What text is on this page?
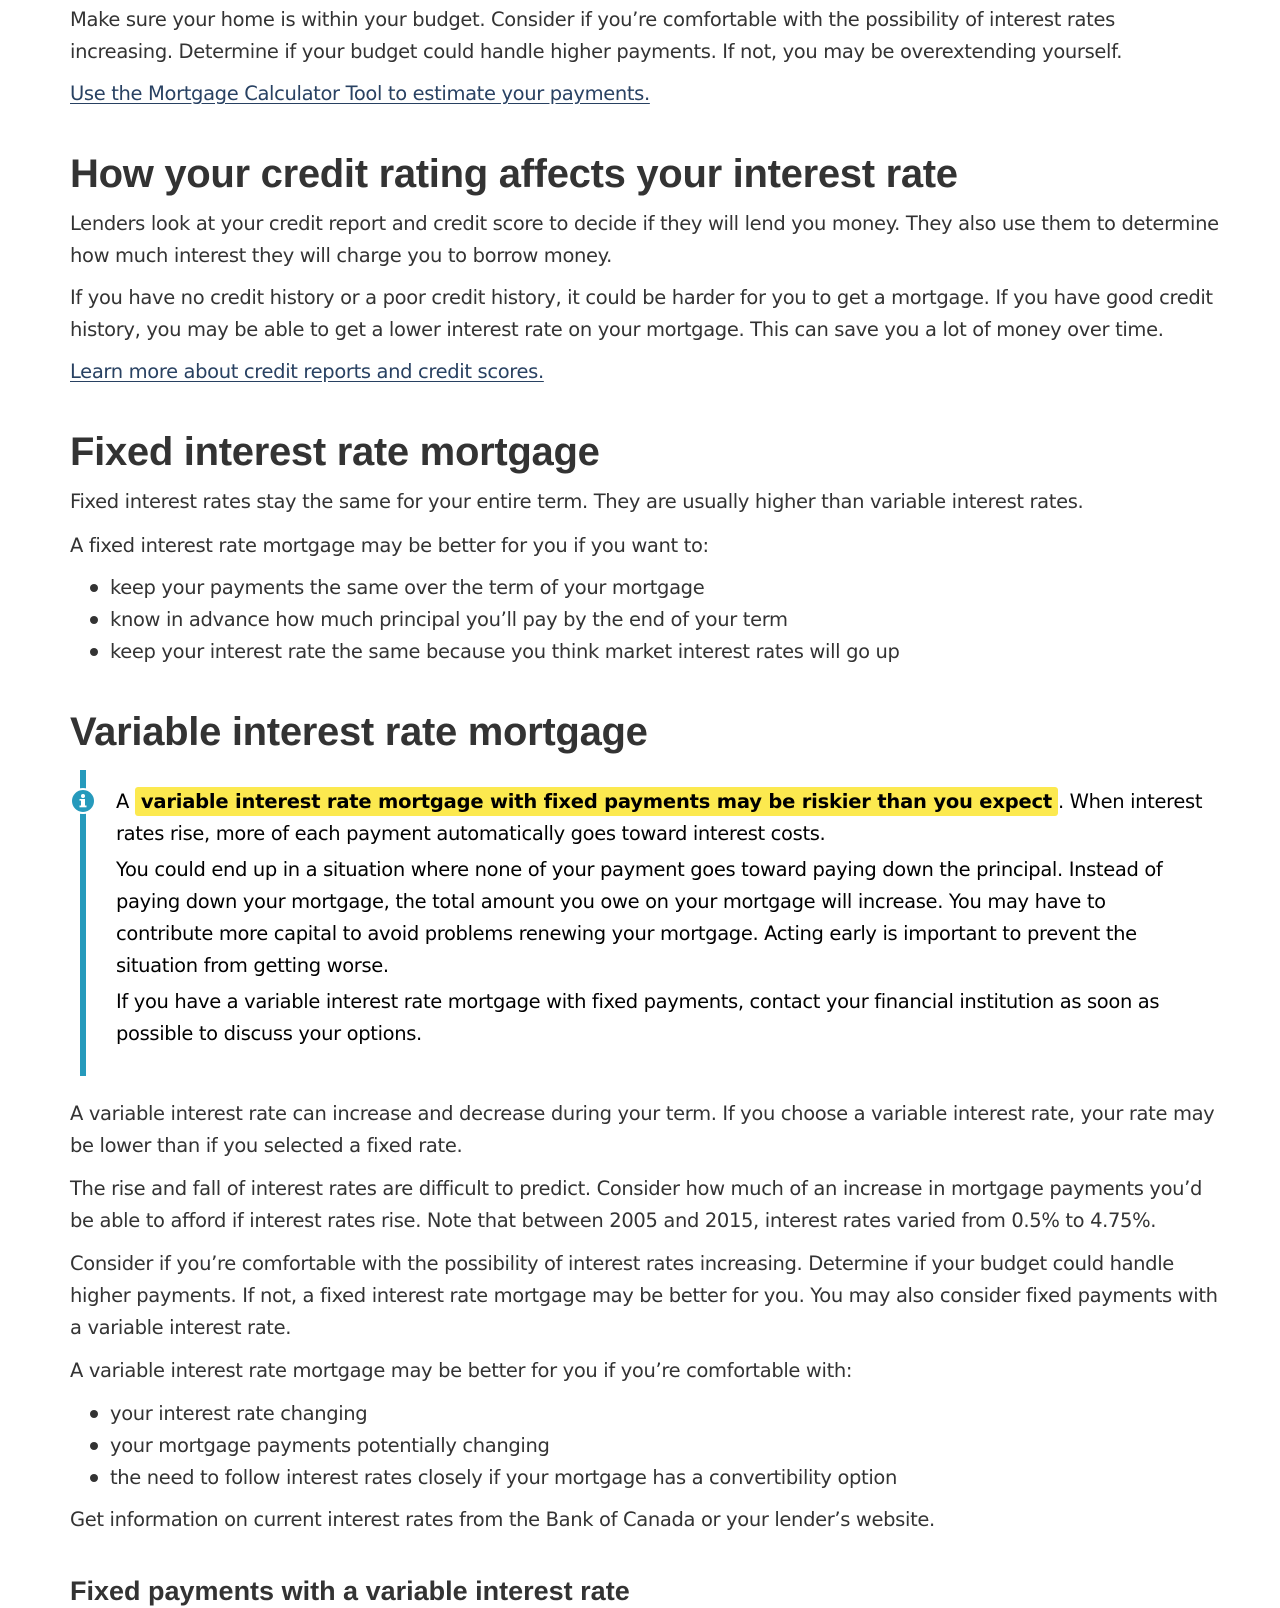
Make sure your home is within your budget. Consider if you’re comfortable with the possibility of interest rates increasing. Determine if your budget could handle higher payments. If not, you may be overextending yourself.

Use the Mortgage Calculator Tool to estimate your payments.

How your credit rating affects your interest rate

Lenders look at your credit report and credit score to decide if they will lend you money. They also use them to determine how much interest they will charge you to borrow money.

If you have no credit history or a poor credit history, it could be harder for you to get a mortgage. If you have good credit history, you may be able to get a lower interest rate on your mortgage. This can save you a lot of money over time.

Learn more about credit reports and credit scores.

Fixed interest rate mortgage

Fixed interest rates stay the same for your entire term. They are usually higher than variable interest rates.

A fixed interest rate mortgage may be better for you if you want to:

keep your payments the same over the term of your mortgage
know in advance how much principal you’ll pay by the end of your term
keep your interest rate the same because you think market interest rates will go up
Variable interest rate mortgage

A variable interest rate mortgage with fixed payments may be riskier than you expect . When interest rates rise, more of each payment automatically goes toward interest costs.

You could end up in a situation where none of your payment goes toward paying down the principal. Instead of paying down your mortgage, the total amount you owe on your mortgage will increase. You may have to contribute more capital to avoid problems renewing your mortgage. Acting early is important to prevent the situation from getting worse.

If you have a variable interest rate mortgage with fixed payments, contact your financial institution as soon as possible to discuss your options.

A variable interest rate can increase and decrease during your term. If you choose a variable interest rate, your rate may be lower than if you selected a fixed rate.

The rise and fall of interest rates are difficult to predict. Consider how much of an increase in mortgage payments you’d be able to afford if interest rates rise. Note that between 2005 and 2015, interest rates varied from 0.5% to 4.75%.

Consider if you’re comfortable with the possibility of interest rates increasing. Determine if your budget could handle higher payments. If not, a fixed interest rate mortgage may be better for you. You may also consider fixed payments with a variable interest rate.

A variable interest rate mortgage may be better for you if you’re comfortable with:

your interest rate changing
your mortgage payments potentially changing
the need to follow interest rates closely if your mortgage has a convertibility option

Get information on current interest rates from the Bank of Canada or your lender’s website.

Fixed payments with a variable interest rate
